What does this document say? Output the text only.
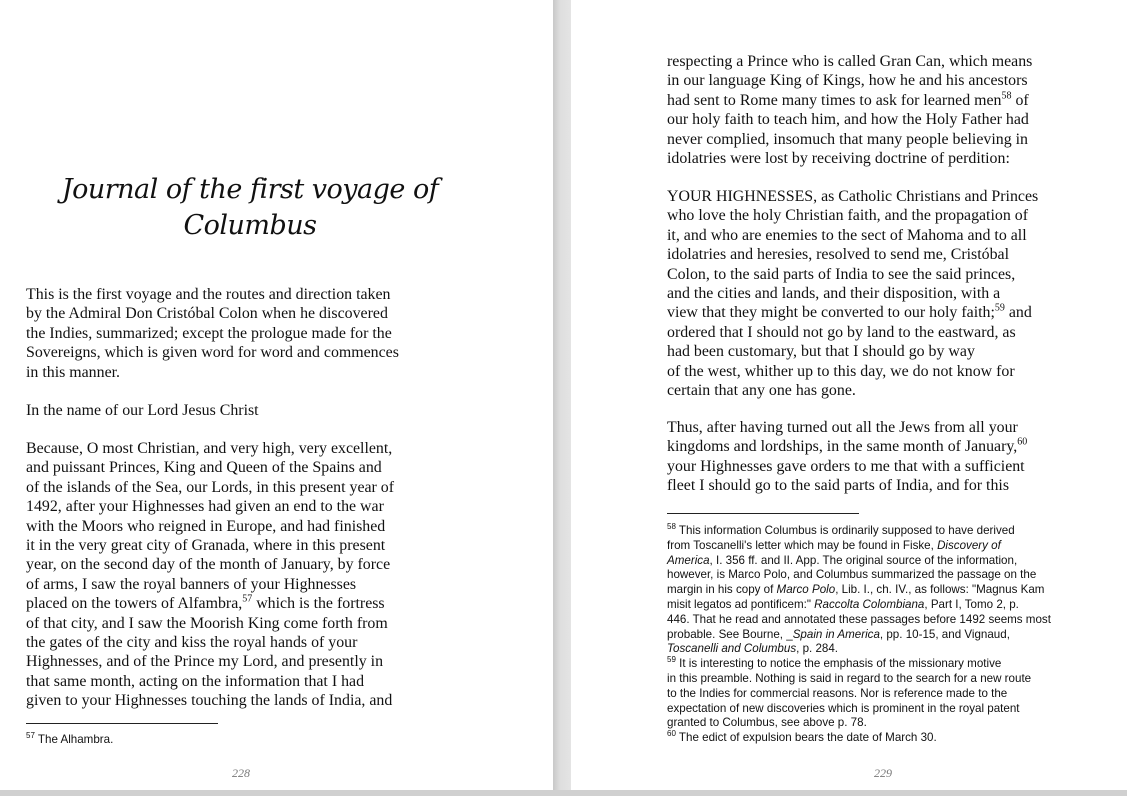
Journal of the first voyage of
Columbus
This is the first voyage and the routes and direction taken
by the Admiral Don Cristóbal Colon when he discovered
the Indies, summarized; except the prologue made for the
Sovereigns, which is given word for word and commences
in this manner.
In the name of our Lord Jesus Christ
Because, O most Christian, and very high, very excellent,
and puissant Princes, King and Queen of the Spains and
of the islands of the Sea, our Lords, in this present year of
1492, after your Highnesses had given an end to the war
with the Moors who reigned in Europe, and had finished
it in the very great city of Granada, where in this present
year, on the second day of the month of January, by force
of arms, I saw the royal banners of your Highnesses
placed on the towers of Alfambra,$^{57}$ which is the fortress
of that city, and I saw the Moorish King come forth from
the gates of the city and kiss the royal hands of your
Highnesses, and of the Prince my Lord, and presently in
that same month, acting on the information that I had
given to your Highnesses touching the lands of India, and
$^{57}$ The Alhambra.
228
respecting a Prince who is called Gran Can, which means
in our language King of Kings, how he and his ancestors
had sent to Rome many times to ask for learned men$^{58}$ of
our holy faith to teach him, and how the Holy Father had
never complied, insomuch that many people believing in
idolatries were lost by receiving doctrine of perdition:
YOUR HIGHNESSES, as Catholic Christians and Princes
who love the holy Christian faith, and the propagation of
it, and who are enemies to the sect of Mahoma and to all
idolatries and heresies, resolved to send me, Cristóbal
Colon, to the said parts of India to see the said princes,
and the cities and lands, and their disposition, with a
view that they might be converted to our holy faith;$^{59}$ and
ordered that I should not go by land to the eastward, as
had been customary, but that I should go by way
of the west, whither up to this day, we do not know for
certain that any one has gone.
Thus, after having turned out all the Jews from all your
kingdoms and lordships, in the same month of January,$^{60}$
your Highnesses gave orders to me that with a sufficient
fleet I should go to the said parts of India, and for this
$^{58}$ This information Columbus is ordinarily supposed to have derived
from Toscanelli's letter which may be found in Fiske, Discovery of
America, I. 356 ff. and II. App. The original source of the information,
however, is Marco Polo, and Columbus summarized the passage on the
margin in his copy of Marco Polo, Lib. I., ch. IV., as follows: "Magnus Kam
misit legatos ad pontificem:" Raccolta Colombiana, Part I, Tomo 2, p.
446. That he read and annotated these passages before 1492 seems most
probable. See Bourne, _Spain in America, pp. 10-15, and Vignaud,
Toscanelli and Columbus, p. 284.
$^{59}$ It is interesting to notice the emphasis of the missionary motive
in this preamble. Nothing is said in regard to the search for a new route
to the Indies for commercial reasons. Nor is reference made to the
expectation of new discoveries which is prominent in the royal patent
granted to Columbus, see above p. 78.
$^{60}$ The edict of expulsion bears the date of March 30.
229
